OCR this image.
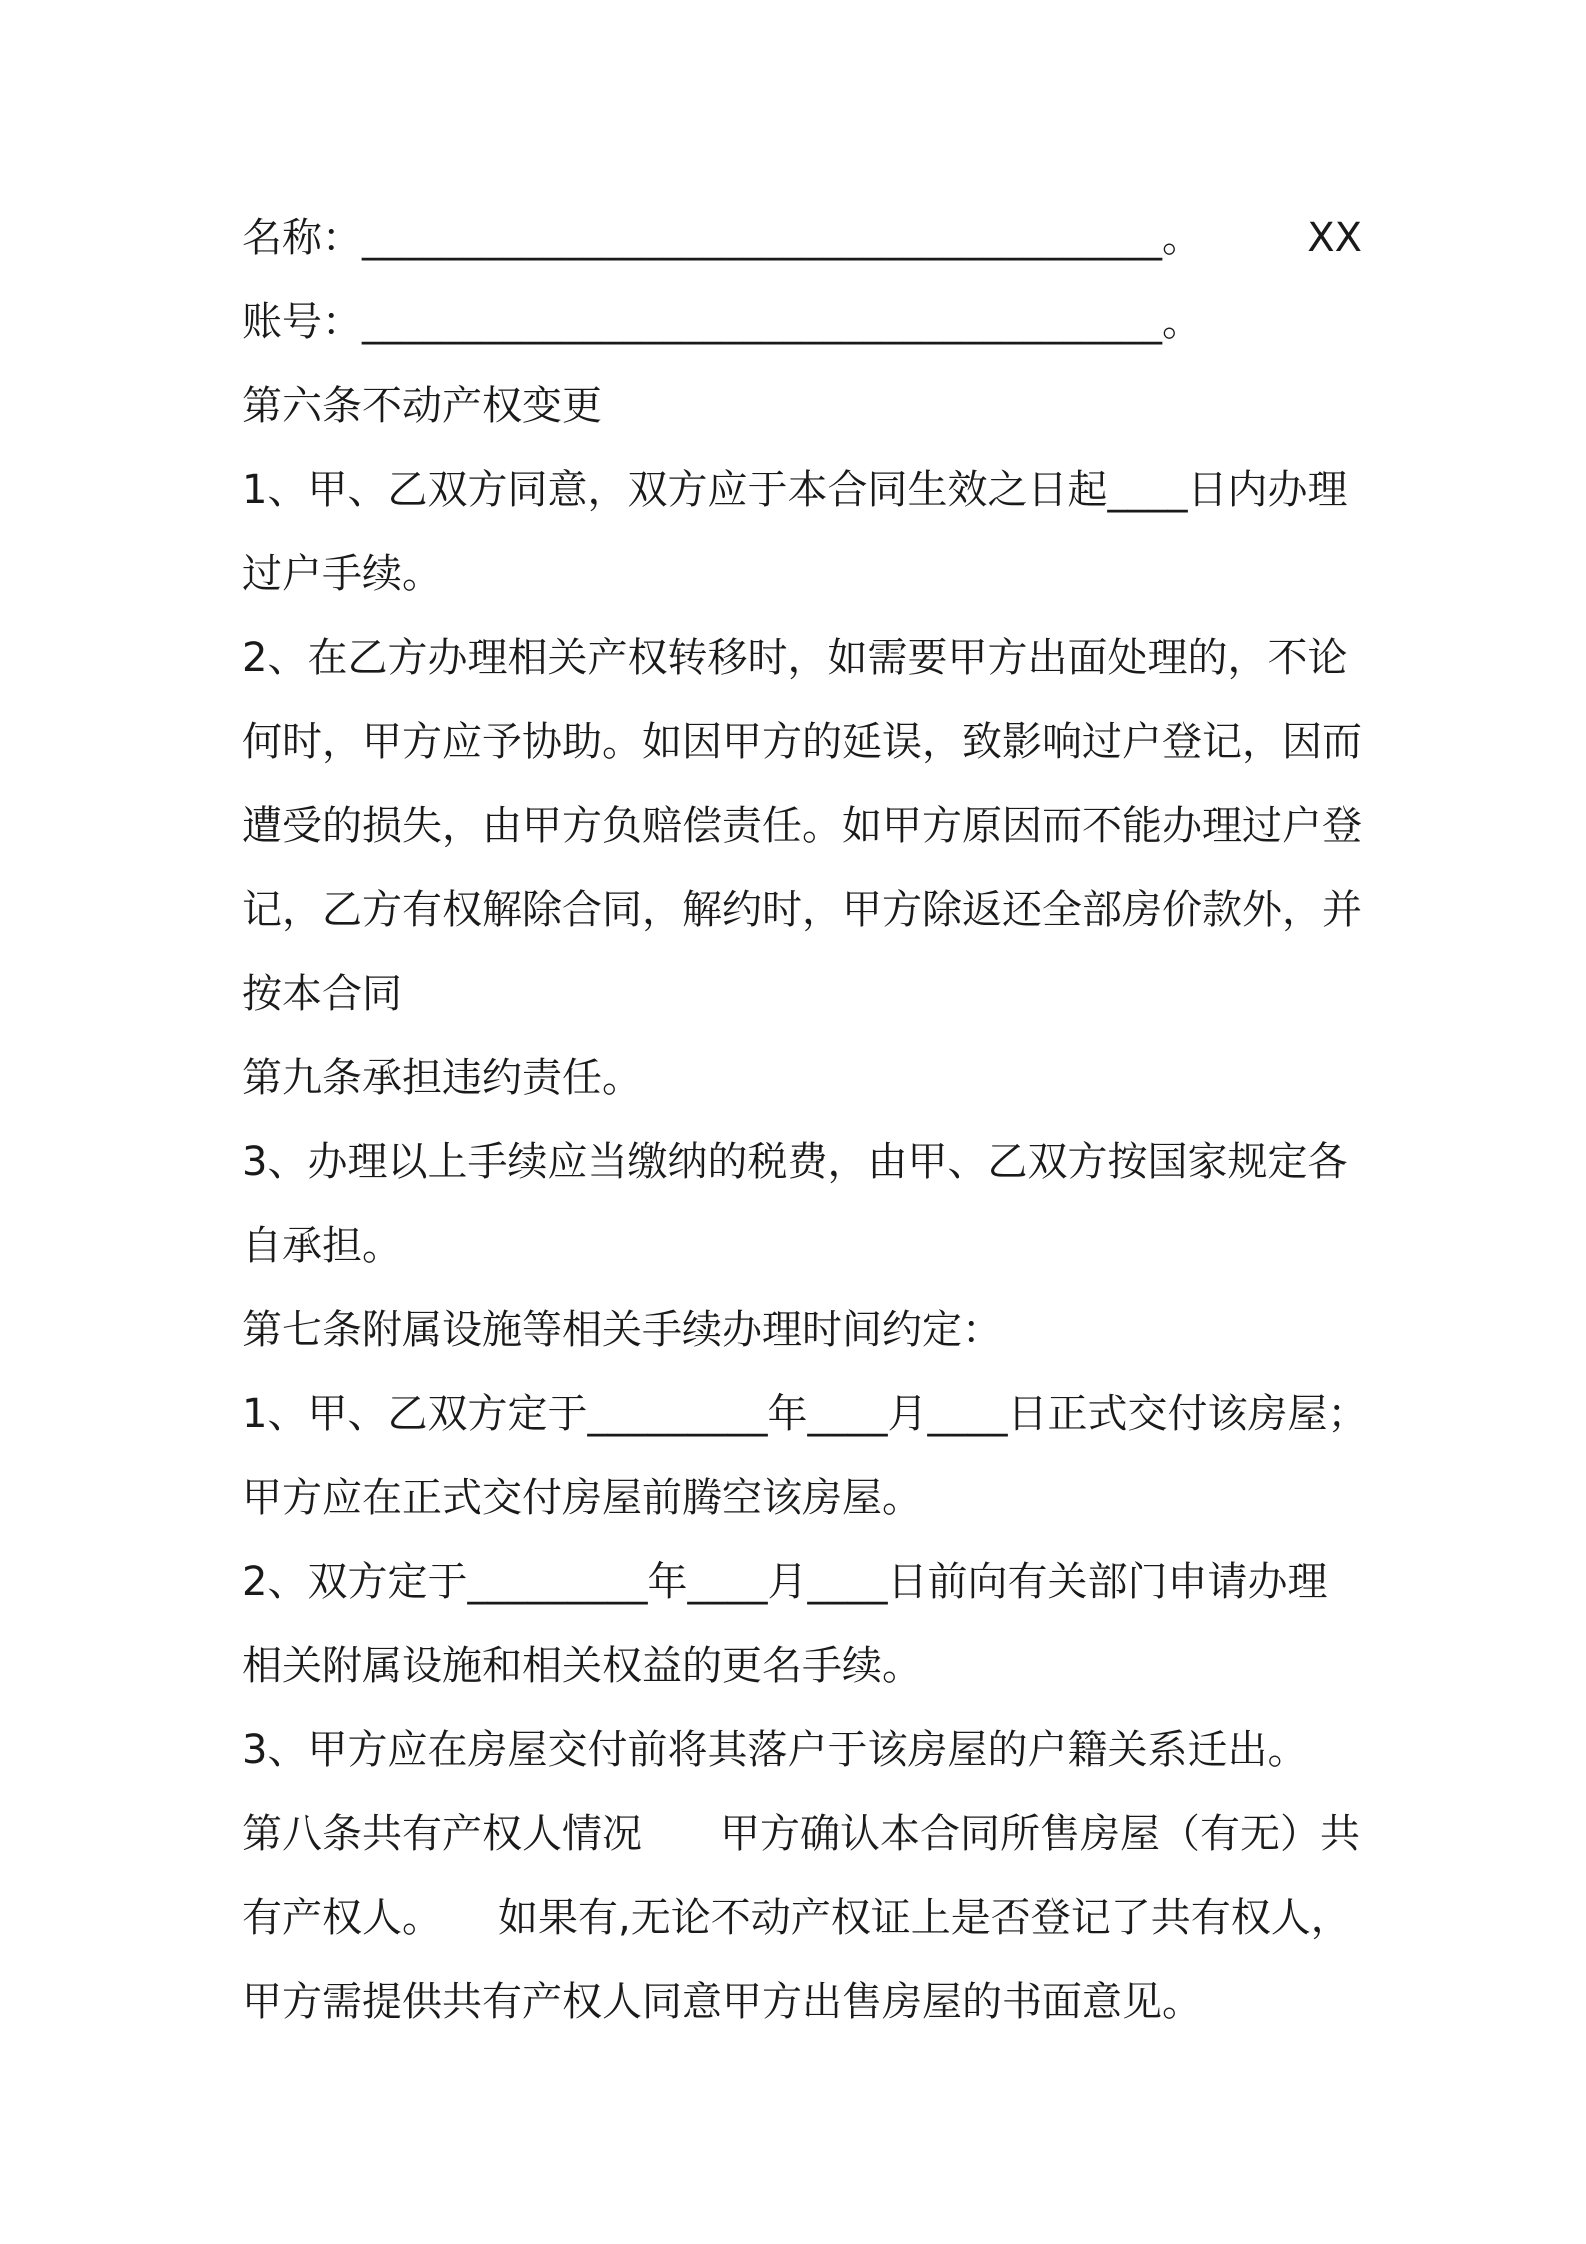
名称：________________________________________。	XX
账号：________________________________________。
第六条不动产权变更
1、甲、乙双方同意，双方应于本合同生效之日起____日内办理
过户手续。
2、在乙方办理相关产权转移时，如需要甲方出面处理的，不论
何时，甲方应予协助。如因甲方的延误，致影响过户登记，因而
遭受的损失，由甲方负赔偿责任。如甲方原因而不能办理过户登
记，乙方有权解除合同，解约时，甲方除返还全部房价款外，并
按本合同
第九条承担违约责任。
3、办理以上手续应当缴纳的税费，由甲、乙双方按国家规定各
自承担。
第七条附属设施等相关手续办理时间约定：
1、甲、乙双方定于_________年____月____日正式交付该房屋；
甲方应在正式交付房屋前腾空该房屋。
2、双方定于_________年____月____日前向有关部门申请办理
相关附属设施和相关权益的更名手续。
3、甲方应在房屋交付前将其落户于该房屋的户籍关系迁出。
第八条共有产权人情况 甲方确认本合同所售房屋（有无）共
有产权人。 如果有,无论不动产权证上是否登记了共有权人，
甲方需提供共有产权人同意甲方出售房屋的书面意见。
